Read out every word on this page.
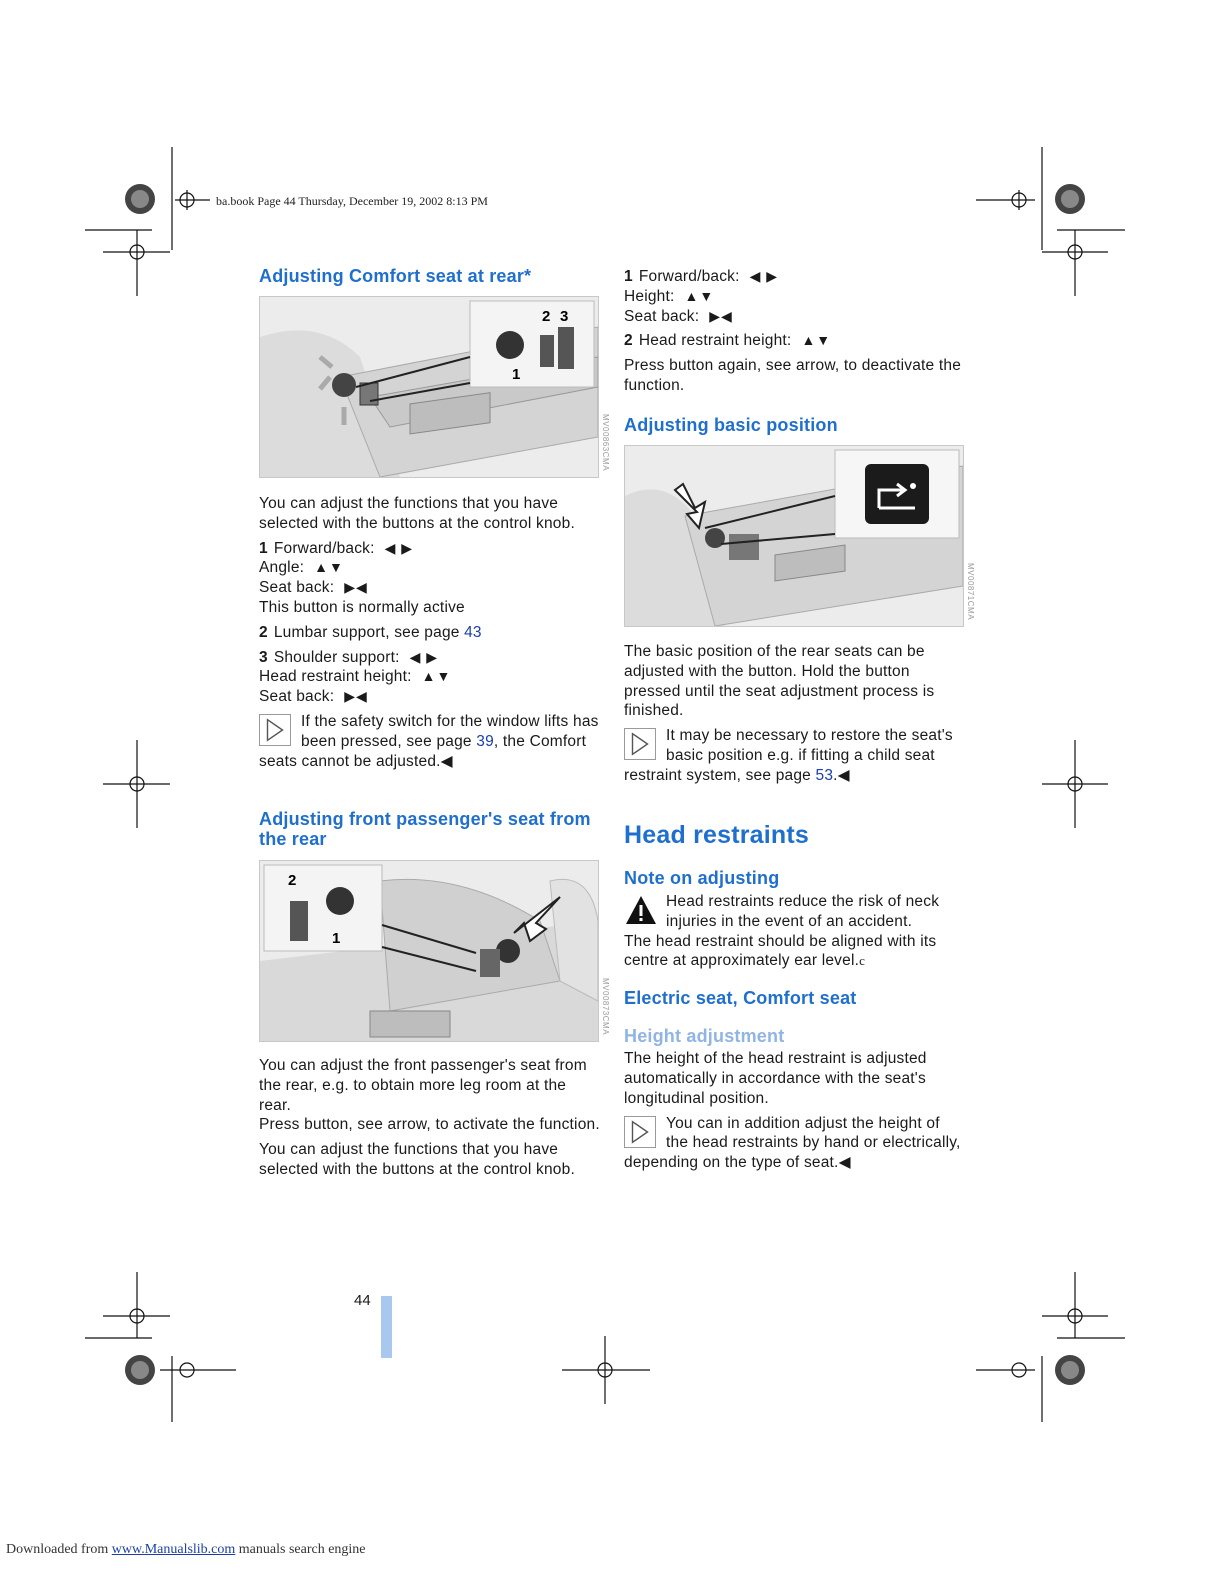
ba.book Page 44 Thursday, December 19, 2002 8:13 PM
Adjusting Comfort seat at rear*
2 3
1
MV00863CMA

You can adjust the functions that you have selected with the buttons at the control knob.

1 Forward/back: ◀ ▶
Angle: ▲▼
Seat back: ▶◀
This button is normally active

2 Lumbar support, see page 43

3 Shoulder support: ◀ ▶
Head restraint height: ▲▼
Seat back: ▶◀

If the safety switch for the window lifts has been pressed, see page 39, the Comfort seats cannot be adjusted.◀
Adjusting front passenger's seat from the rear
2
1
MV00873CMA

You can adjust the front passenger's seat from the rear, e.g. to obtain more leg room at the rear.

Press button, see arrow, to activate the function.

You can adjust the functions that you have selected with the buttons at the control knob.

1 Forward/back: ◀ ▶
Height: ▲▼
Seat back: ▶◀

2 Head restraint height: ▲▼

Press button again, see arrow, to deactivate the function.

Adjusting basic position
MV00871CMA

The basic position of the rear seats can be adjusted with the button. Hold the button pressed until the seat adjustment process is finished.

It may be necessary to restore the seat's basic position e.g. if fitting a child seat restraint system, see page 53.◀
Head restraints
Note on adjusting
Head restraints reduce the risk of neck injuries in the event of an accident.
The head restraint should be aligned with its centre at approximately ear level.c
Electric seat, Comfort seat
Height adjustment

The height of the head restraint is adjusted automatically in accordance with the seat's longitudinal position.

You can in addition adjust the height of the head restraints by hand or electrically, depending on the type of seat.◀
44
Downloaded from www.Manualslib.com manuals search engine
